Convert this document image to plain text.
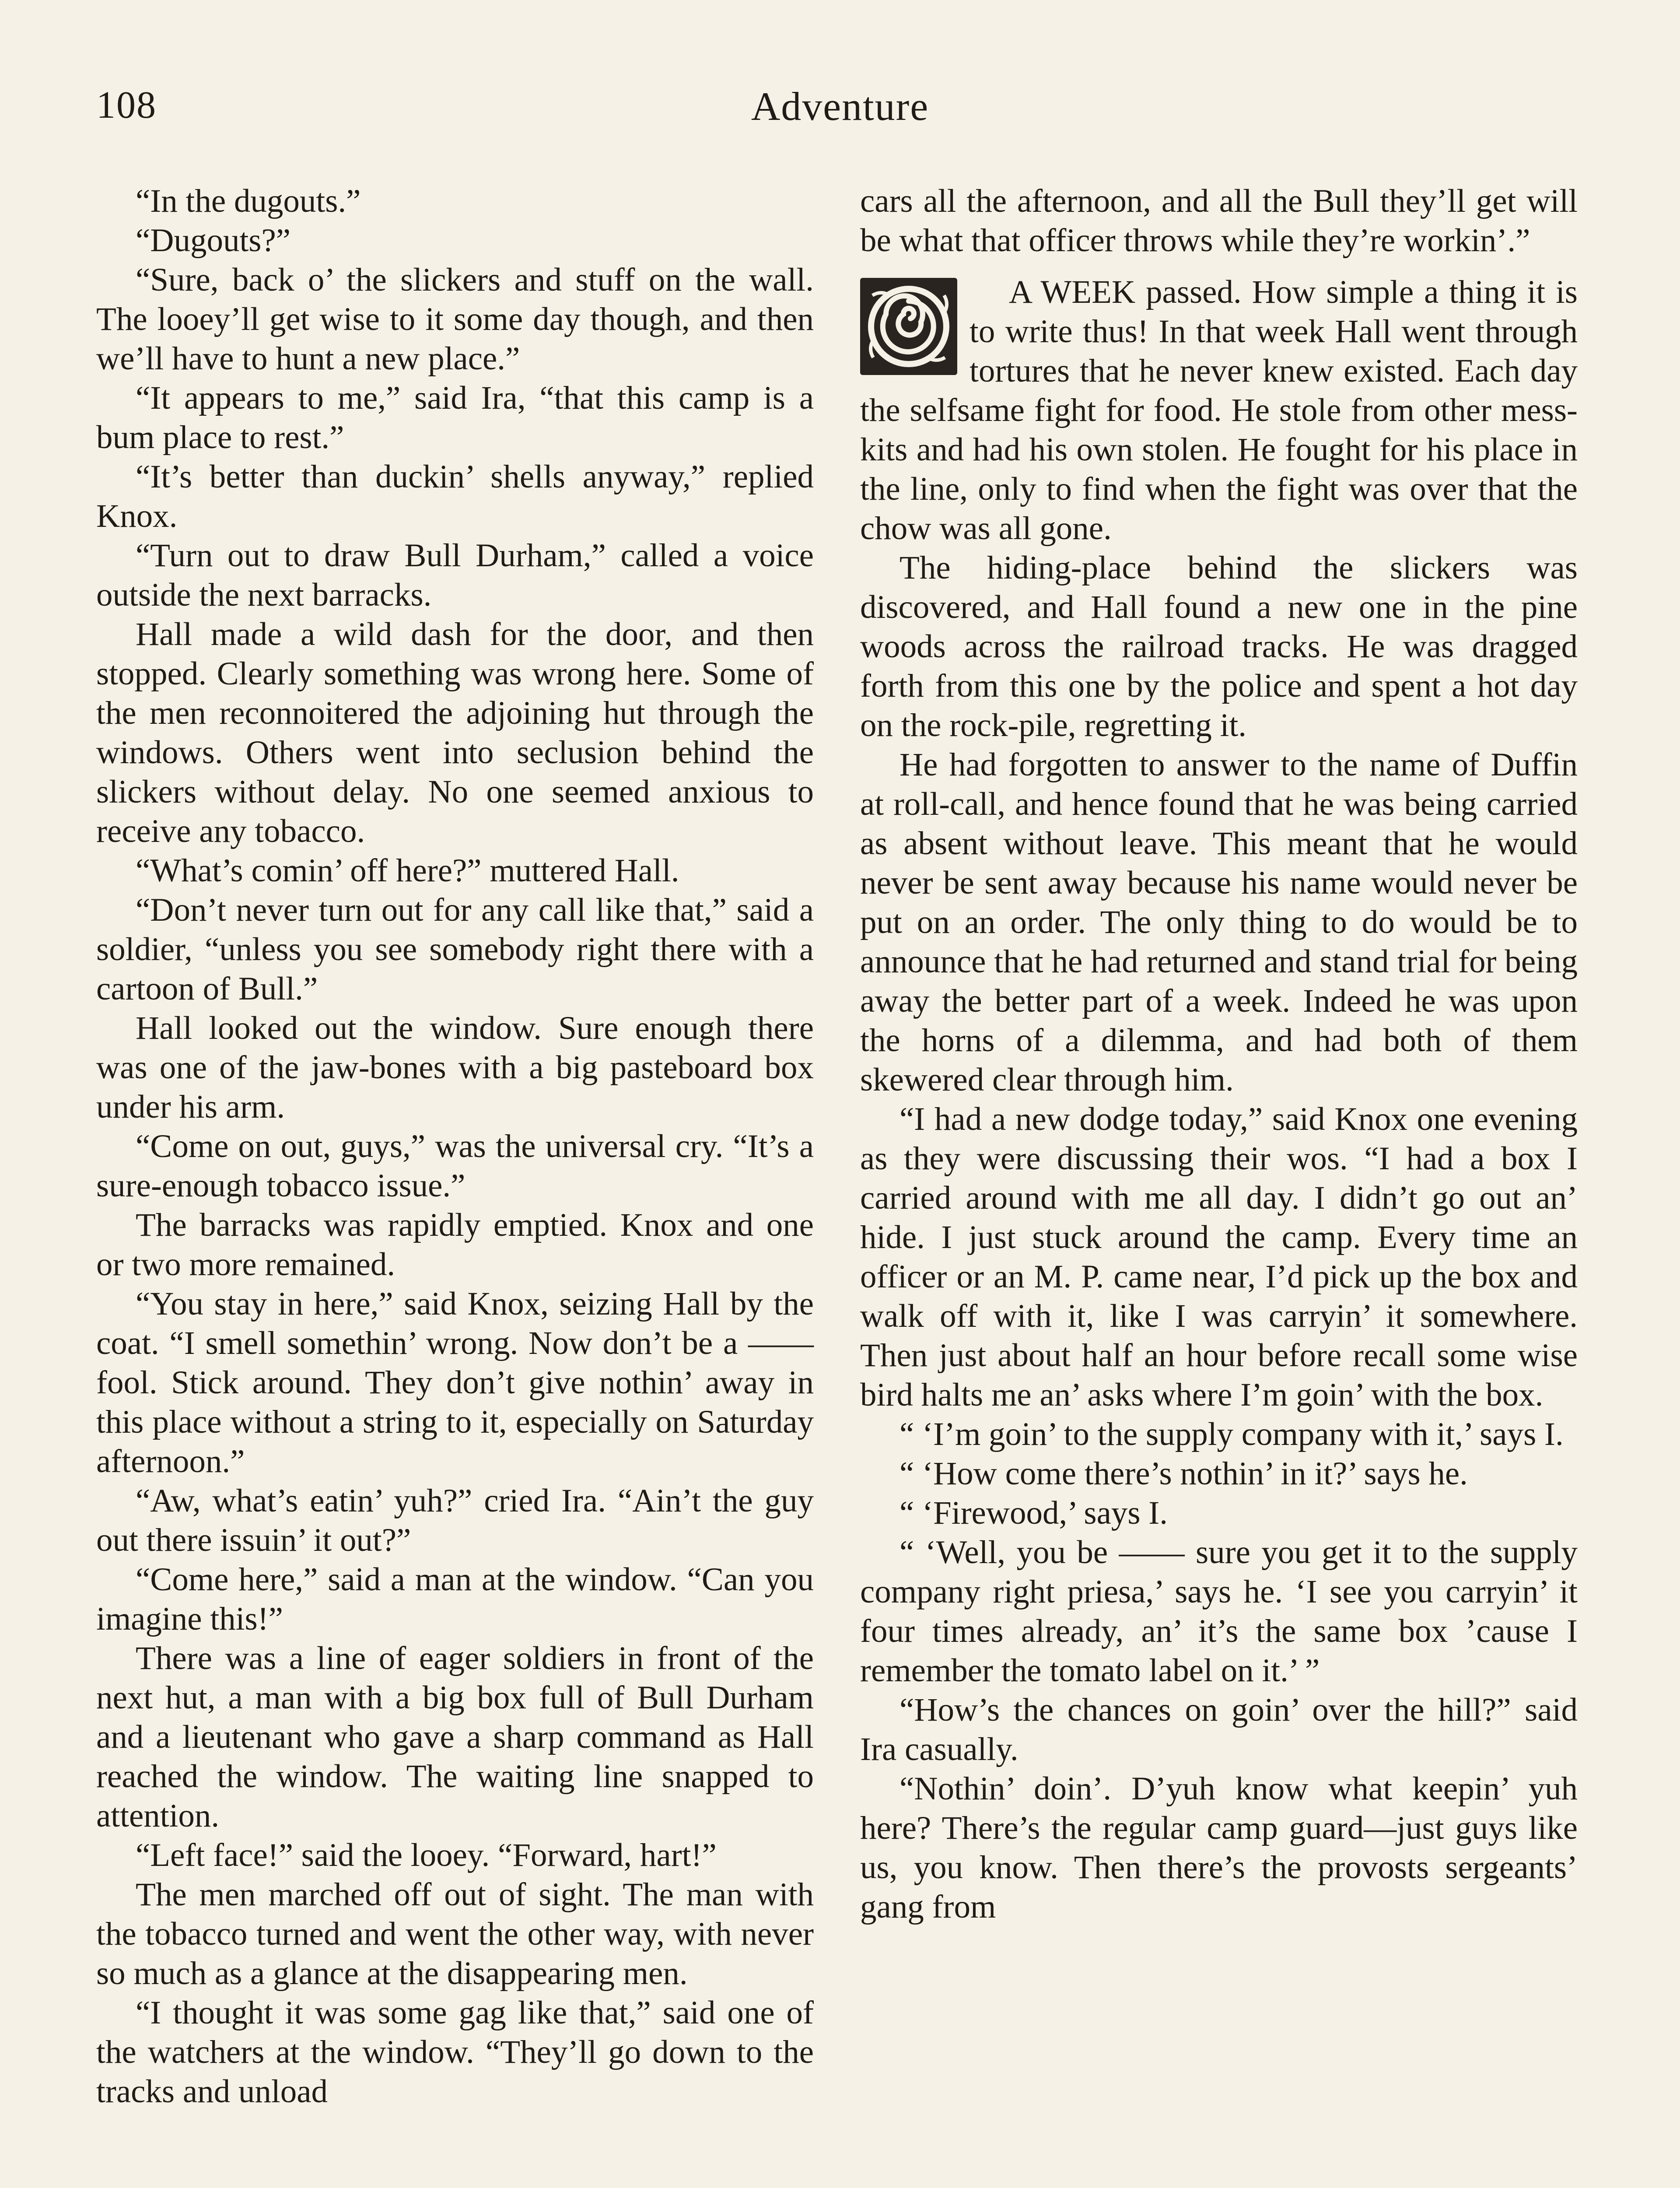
108	Adventure

“In the dugouts.”

“Dugouts?”

“Sure, back o’ the slickers and stuff on the wall. The looey’ll get wise to it some day though, and then we’ll have to hunt a new place.”

“It appears to me,” said Ira, “that this camp is a bum place to rest.”

“It’s better than duckin’ shells anyway,” replied Knox.

“Turn out to draw Bull Durham,” called a voice outside the next barracks.

Hall made a wild dash for the door, and then stopped. Clearly something was wrong here. Some of the men reconnoitered the adjoining hut through the windows. Others went into seclusion behind the slickers without delay. No one seemed anxious to receive any tobacco.

“What’s comin’ off here?” muttered Hall.

“Don’t never turn out for any call like that,” said a soldier, “unless you see somebody right there with a cartoon of Bull.”

Hall looked out the window. Sure enough there was one of the jaw-bones with a big pasteboard box under his arm.

“Come on out, guys,” was the universal cry. “It’s a sure-enough tobacco issue.”

The barracks was rapidly emptied. Knox and one or two more remained.

“You stay in here,” said Knox, seizing Hall by the coat. “I smell somethin’ wrong. Now don’t be a —— fool. Stick around. They don’t give nothin’ away in this place without a string to it, especially on Saturday afternoon.”

“Aw, what’s eatin’ yuh?” cried Ira. “Ain’t the guy out there issuin’ it out?”

“Come here,” said a man at the window. “Can you imagine this!”

There was a line of eager soldiers in front of the next hut, a man with a big box full of Bull Durham and a lieutenant who gave a sharp command as Hall reached the window. The waiting line snapped to attention.

“Left face!” said the looey. “Forward, hart!”

The men marched off out of sight. The man with the tobacco turned and went the other way, with never so much as a glance at the disappearing men.

“I thought it was some gag like that,” said one of the watchers at the window. “They’ll go down to the tracks and unload

cars all the afternoon, and all the Bull they’ll get will be what that officer throws while they’re workin’.”

A WEEK passed. How simple a thing it is to write thus! In that week Hall went through tortures that he never knew existed. Each day the selfsame fight for food. He stole from other mess-kits and had his own stolen. He fought for his place in the line, only to find when the fight was over that the chow was all gone.

The hiding-place behind the slickers was discovered, and Hall found a new one in the pine woods across the railroad tracks. He was dragged forth from this one by the police and spent a hot day on the rock-pile, regretting it.

He had forgotten to answer to the name of Duffin at roll-call, and hence found that he was being carried as absent without leave. This meant that he would never be sent away because his name would never be put on an order. The only thing to do would be to announce that he had returned and stand trial for being away the better part of a week. Indeed he was upon the horns of a dilemma, and had both of them skewered clear through him.

“I had a new dodge today,” said Knox one evening as they were discussing their wos. “I had a box I carried around with me all day. I didn’t go out an’ hide. I just stuck around the camp. Every time an officer or an M. P. came near, I’d pick up the box and walk off with it, like I was carryin’ it somewhere. Then just about half an hour before recall some wise bird halts me an’ asks where I’m goin’ with the box.

“ ‘I’m goin’ to the supply company with it,’ says I.

“ ‘How come there’s nothin’ in it?’ says he.

“ ‘Firewood,’ says I.

“ ‘Well, you be —— sure you get it to the supply company right priesa,’ says he. ‘I see you carryin’ it four times already, an’ it’s the same box ’cause I remember the tomato label on it.’ ”

“How’s the chances on goin’ over the hill?” said Ira casually.

“Nothin’ doin’. D’yuh know what keepin’ yuh here? There’s the regular camp guard—just guys like us, you know. Then there’s the provosts sergeants’ gang from
